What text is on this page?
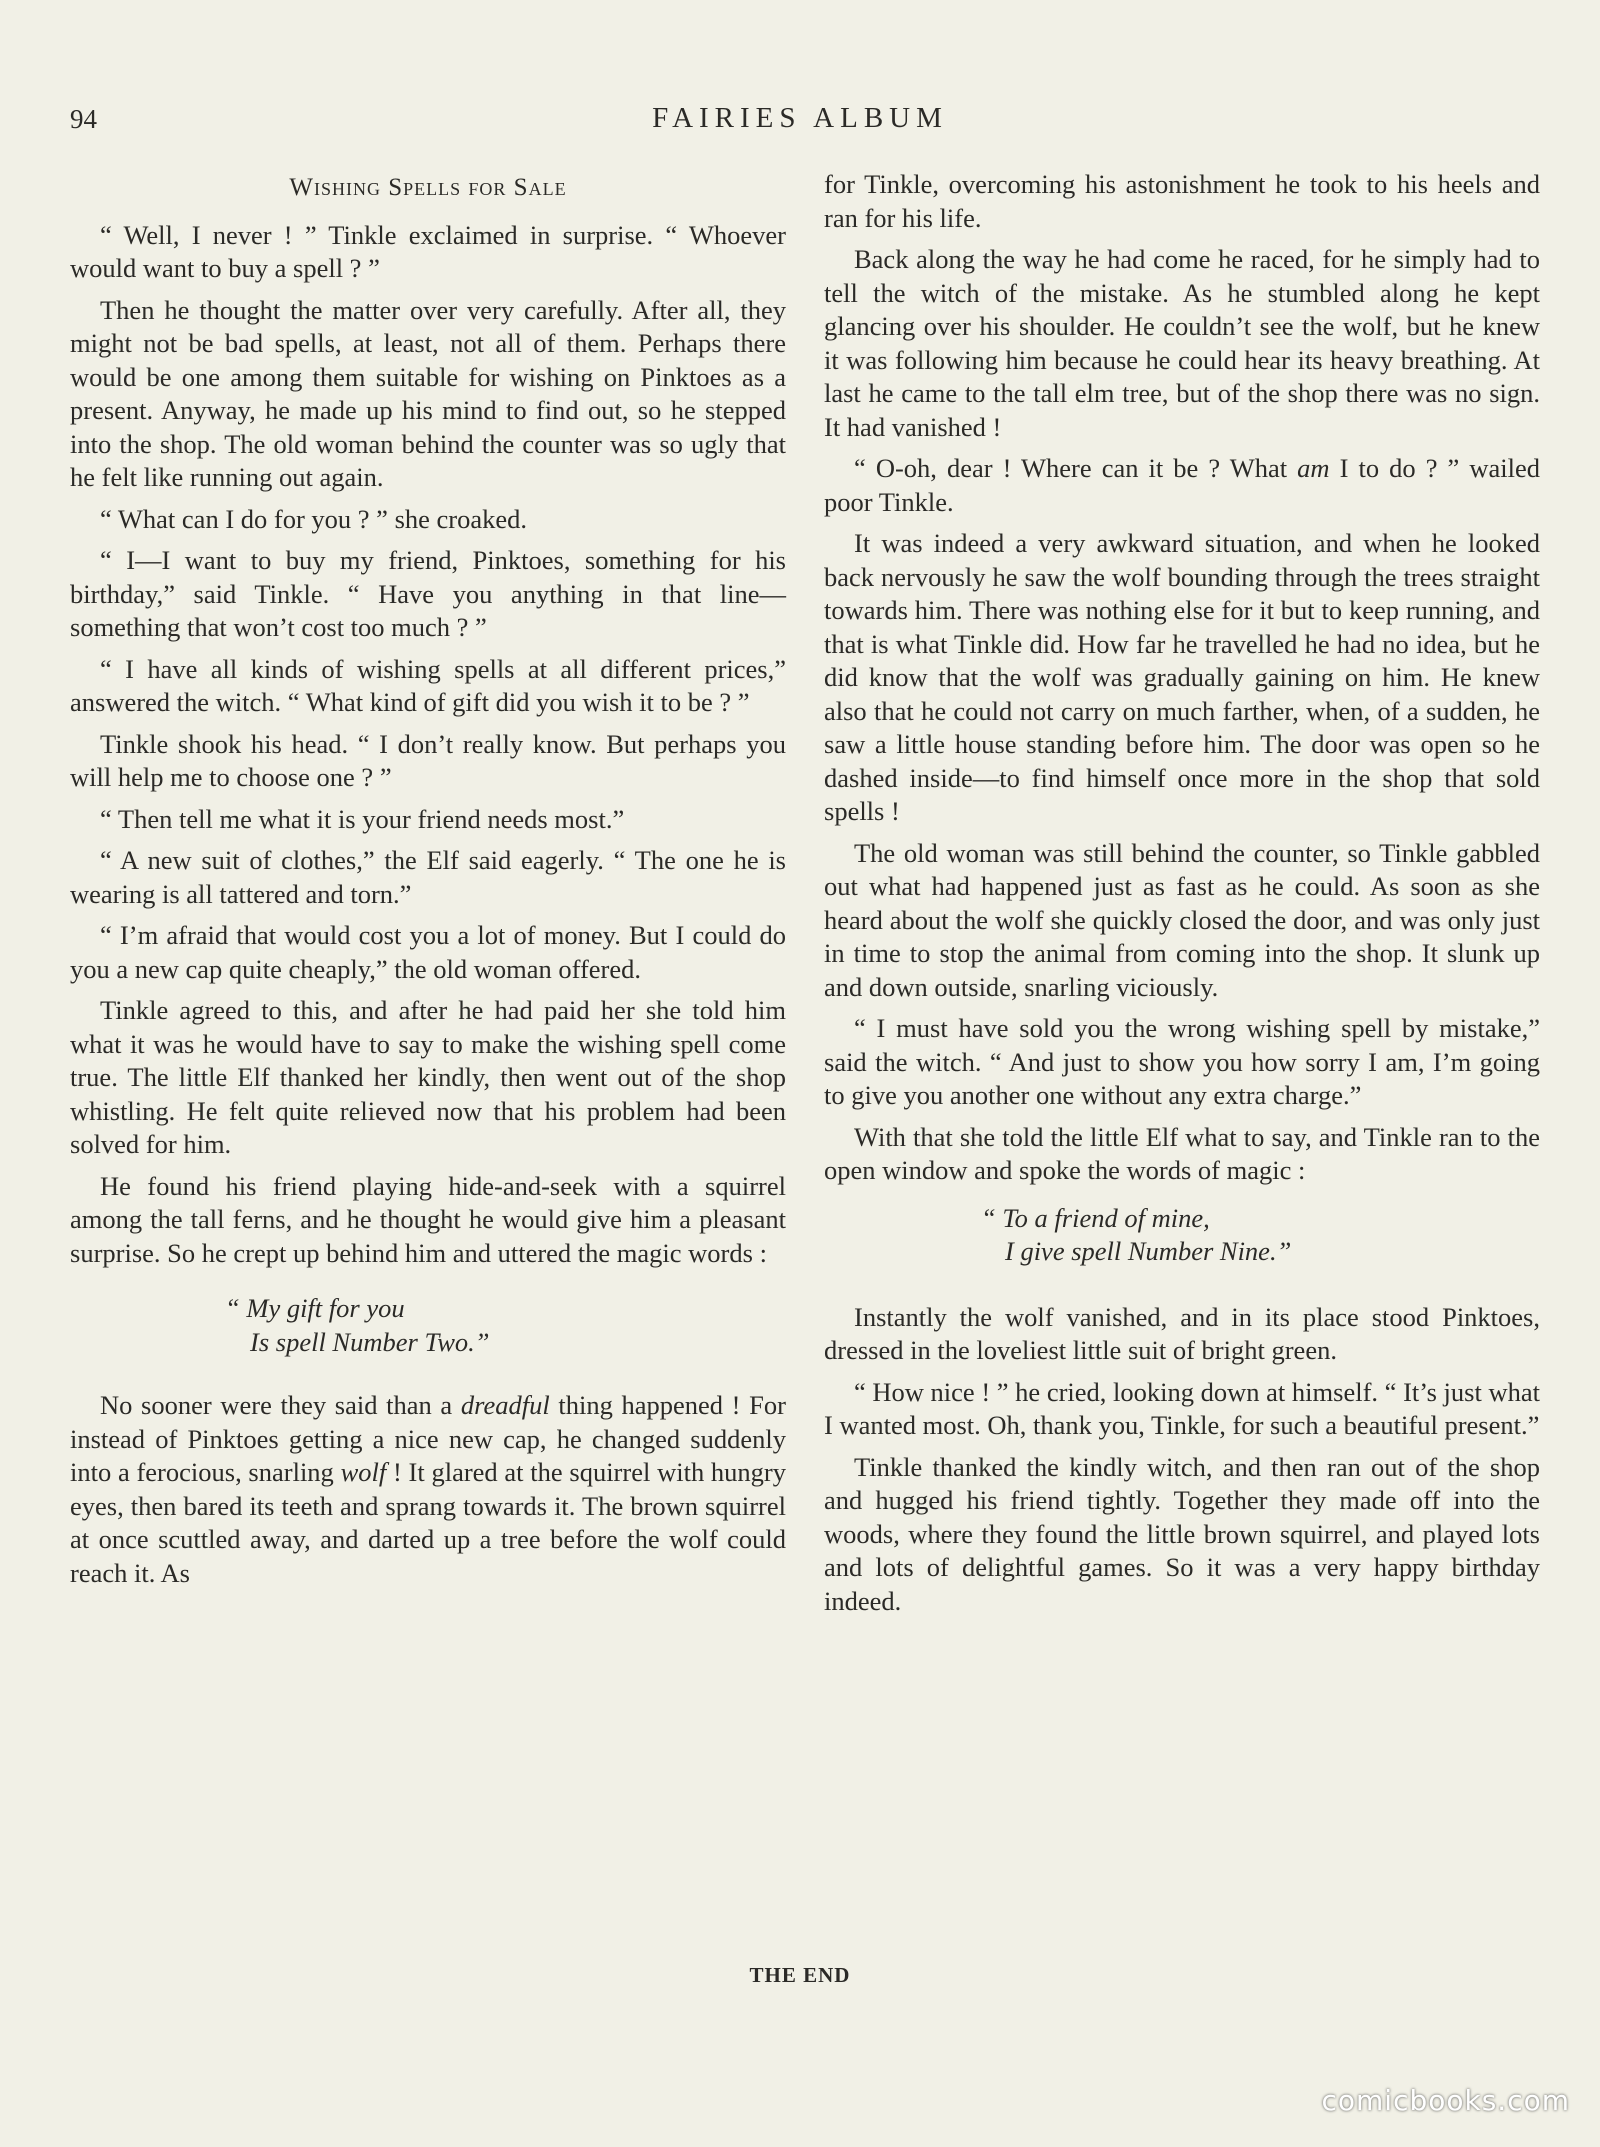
94	FAIRIES ALBUM
Wishing Spells for Sale

“ Well, I never ! ” Tinkle exclaimed in surprise. “ Whoever would want to buy a spell ? ”

Then he thought the matter over very carefully. After all, they might not be bad spells, at least, not all of them. Perhaps there would be one among them suitable for wishing on Pinktoes as a present. Anyway, he made up his mind to find out, so he stepped into the shop. The old woman behind the counter was so ugly that he felt like running out again.

“ What can I do for you ? ” she croaked.

“ I—I want to buy my friend, Pinktoes, something for his birthday,” said Tinkle. “ Have you anything in that line—something that won’t cost too much ? ”

“ I have all kinds of wishing spells at all different prices,” answered the witch. “ What kind of gift did you wish it to be ? ”

Tinkle shook his head. “ I don’t really know. But perhaps you will help me to choose one ? ”

“ Then tell me what it is your friend needs most.”

“ A new suit of clothes,” the Elf said eagerly. “ The one he is wearing is all tattered and torn.”

“ I’m afraid that would cost you a lot of money. But I could do you a new cap quite cheaply,” the old woman offered.

Tinkle agreed to this, and after he had paid her she told him what it was he would have to say to make the wishing spell come true. The little Elf thanked her kindly, then went out of the shop whistling. He felt quite relieved now that his problem had been solved for him.

He found his friend playing hide-and-seek with a squirrel among the tall ferns, and he thought he would give him a pleasant surprise. So he crept up behind him and uttered the magic words :

“ My gift for you
Is spell Number Two.”

No sooner were they said than a dreadful thing happened ! For instead of Pinktoes getting a nice new cap, he changed suddenly into a ferocious, snarling wolf ! It glared at the squirrel with hungry eyes, then bared its teeth and sprang towards it. The brown squirrel at once scuttled away, and darted up a tree before the wolf could reach it. As

for Tinkle, overcoming his astonishment he took to his heels and ran for his life.

Back along the way he had come he raced, for he simply had to tell the witch of the mistake. As he stumbled along he kept glancing over his shoulder. He couldn’t see the wolf, but he knew it was following him because he could hear its heavy breathing. At last he came to the tall elm tree, but of the shop there was no sign. It had vanished !

“ O-oh, dear ! Where can it be ? What am I to do ? ” wailed poor Tinkle.

It was indeed a very awkward situation, and when he looked back nervously he saw the wolf bounding through the trees straight towards him. There was nothing else for it but to keep running, and that is what Tinkle did. How far he travelled he had no idea, but he did know that the wolf was gradually gaining on him. He knew also that he could not carry on much farther, when, of a sudden, he saw a little house standing before him. The door was open so he dashed inside—to find himself once more in the shop that sold spells !

The old woman was still behind the counter, so Tinkle gabbled out what had happened just as fast as he could. As soon as she heard about the wolf she quickly closed the door, and was only just in time to stop the animal from coming into the shop. It slunk up and down outside, snarling viciously.

“ I must have sold you the wrong wishing spell by mistake,” said the witch. “ And just to show you how sorry I am, I’m going to give you another one without any extra charge.”

With that she told the little Elf what to say, and Tinkle ran to the open window and spoke the words of magic :

“ To a friend of mine,
I give spell Number Nine.”

Instantly the wolf vanished, and in its place stood Pinktoes, dressed in the loveliest little suit of bright green.

“ How nice ! ” he cried, looking down at himself. “ It’s just what I wanted most. Oh, thank you, Tinkle, for such a beautiful present.”

Tinkle thanked the kindly witch, and then ran out of the shop and hugged his friend tightly. Together they made off into the woods, where they found the little brown squirrel, and played lots and lots of delightful games. So it was a very happy birthday indeed.

THE END
comicbooks.com
